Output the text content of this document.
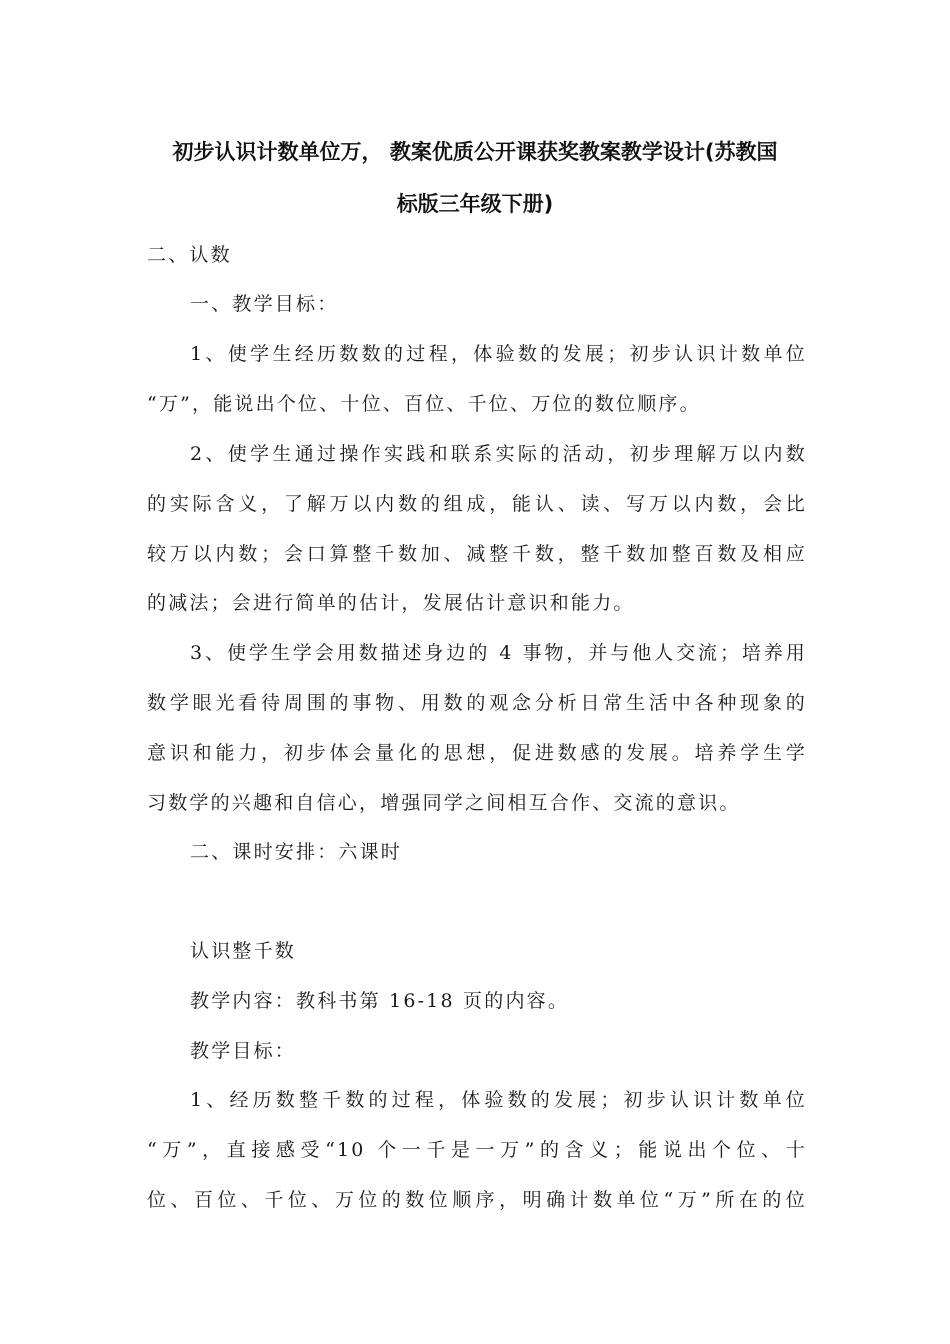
初步认识计数单位万， 教案优质公开课获奖教案教学设计(苏教国
标版三年级下册)
二、认数
一、教学目标：
1、使学生经历数数的过程，体验数的发展；初步认识计数单位
“万”，能说出个位、十位、百位、千位、万位的数位顺序。
2、使学生通过操作实践和联系实际的活动，初步理解万以内数
的实际含义，了解万以内数的组成，能认、读、写万以内数，会比
较万以内数；会口算整千数加、减整千数，整千数加整百数及相应
的减法；会进行简单的估计，发展估计意识和能力。
3、使学生学会用数描述身边的 4 事物，并与他人交流；培养用
数学眼光看待周围的事物、用数的观念分析日常生活中各种现象的
意识和能力，初步体会量化的思想，促进数感的发展。培养学生学
习数学的兴趣和自信心，增强同学之间相互合作、交流的意识。
二、课时安排：六课时
认识整千数
教学内容：教科书第 16-18 页的内容。
教学目标：
1、经历数整千数的过程，体验数的发展；初步认识计数单位
“万”，直接感受“10 个一千是一万”的含义；能说出个位、十
位、百位、千位、万位的数位顺序，明确计数单位“万”所在的位
